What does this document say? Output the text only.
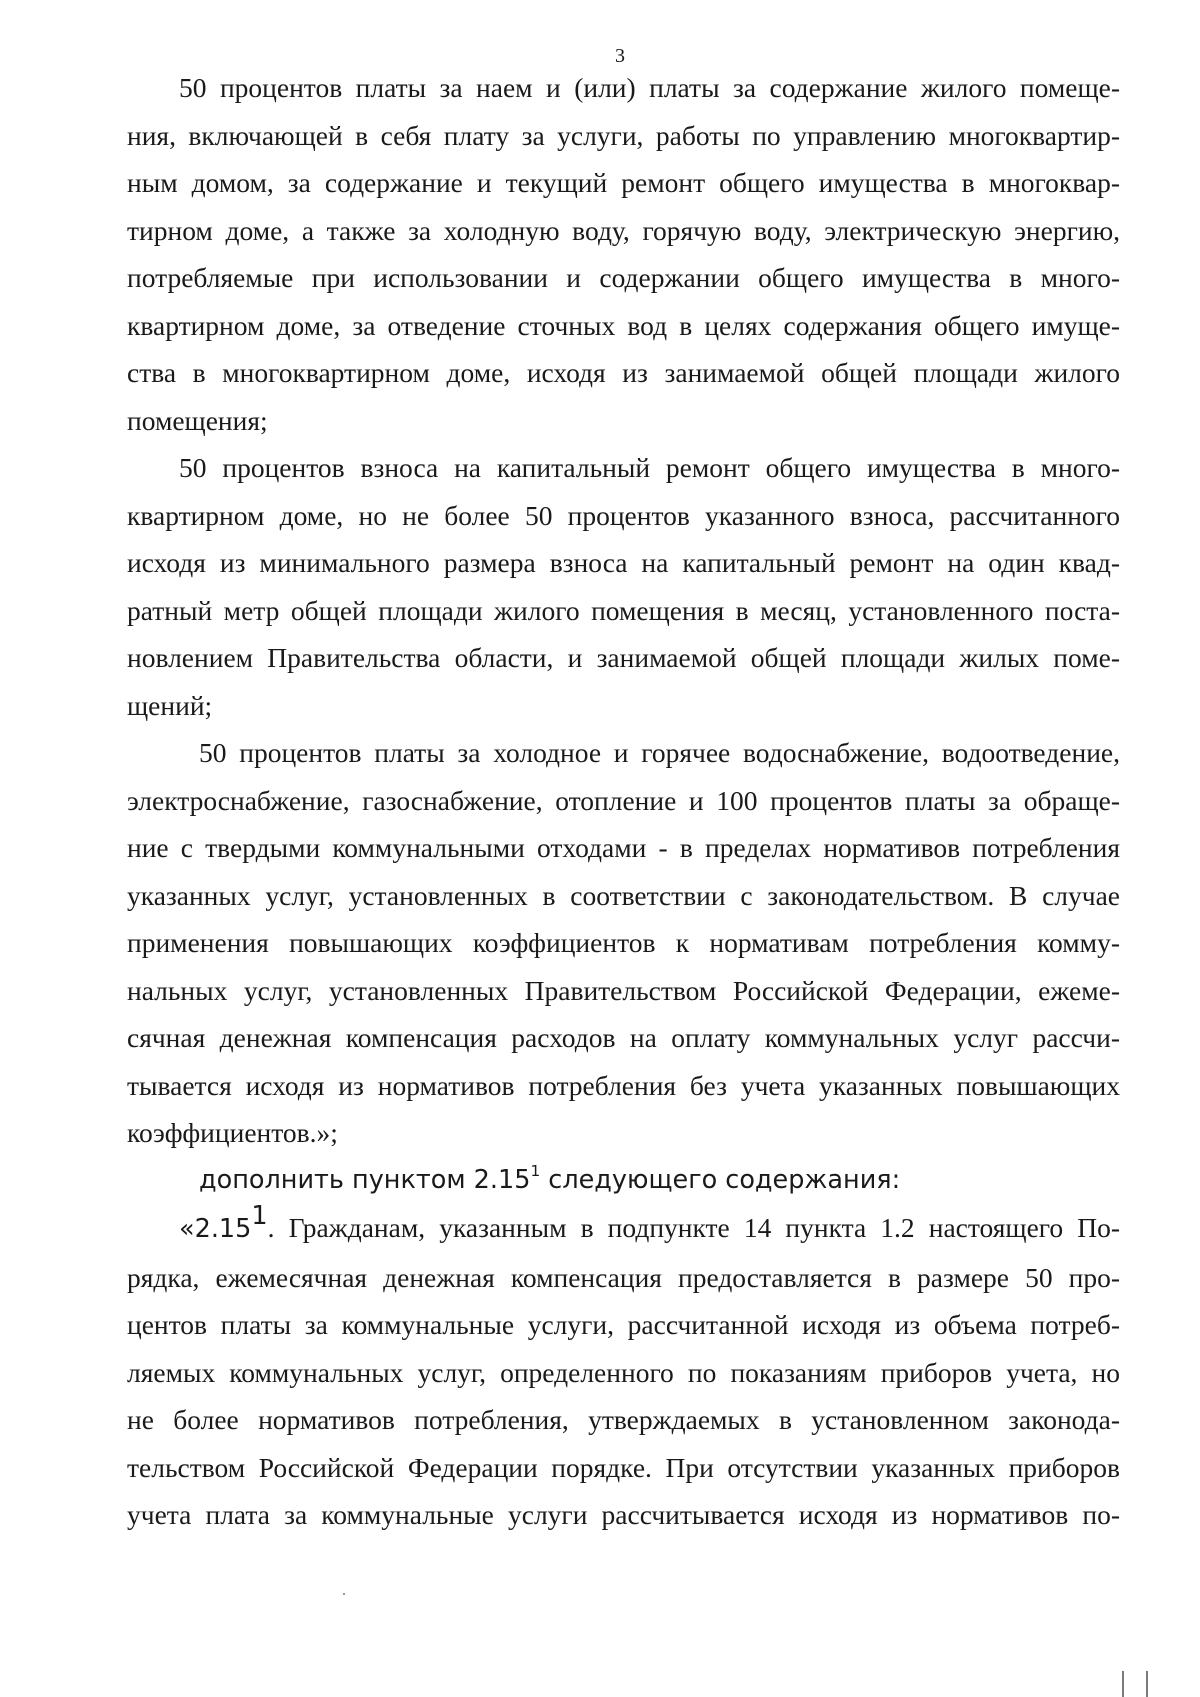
3
50 процентов платы за наем и (или) платы за содержание жилого помеще-
ния, включающей в себя плату за услуги, работы по управлению многоквартир-
ным домом, за содержание и текущий ремонт общего имущества в многоквар-
тирном доме, а также за холодную воду, горячую воду, электрическую энергию,
потребляемые при использовании и содержании общего имущества в много-
квартирном доме, за отведение сточных вод в целях содержания общего имуще-
ства в многоквартирном доме, исходя из занимаемой общей площади жилого
помещения;
50 процентов взноса на капитальный ремонт общего имущества в много-
квартирном доме, но не более 50 процентов указанного взноса, рассчитанного
исходя из минимального размера взноса на капитальный ремонт на один квад-
ратный метр общей площади жилого помещения в месяц, установленного поста-
новлением Правительства области, и занимаемой общей площади жилых поме-
щений;
50 процентов платы за холодное и горячее водоснабжение, водоотведение,
электроснабжение, газоснабжение, отопление и 100 процентов платы за обраще-
ние с твердыми коммунальными отходами - в пределах нормативов потребления
указанных услуг, установленных в соответствии с законодательством. В случае
применения повышающих коэффициентов к нормативам потребления комму-
нальных услуг, установленных Правительством Российской Федерации, ежеме-
сячная денежная компенсация расходов на оплату коммунальных услуг рассчи-
тывается исходя из нормативов потребления без учета указанных повышающих
коэффициентов.»;
дополнить пунктом 2.15$^1$ следующего содержания:
«2.15$^1$. Гражданам, указанным в подпункте 14 пункта 1.2 настоящего По-
рядка, ежемесячная денежная компенсация предоставляется в размере 50 про-
центов платы за коммунальные услуги, рассчитанной исходя из объема потреб-
ляемых коммунальных услуг, определенного по показаниям приборов учета, но
не более нормативов потребления, утверждаемых в установленном законода-
тельством Российской Федерации порядке. При отсутствии указанных приборов
учета плата за коммунальные услуги рассчитывается исходя из нормативов по-
